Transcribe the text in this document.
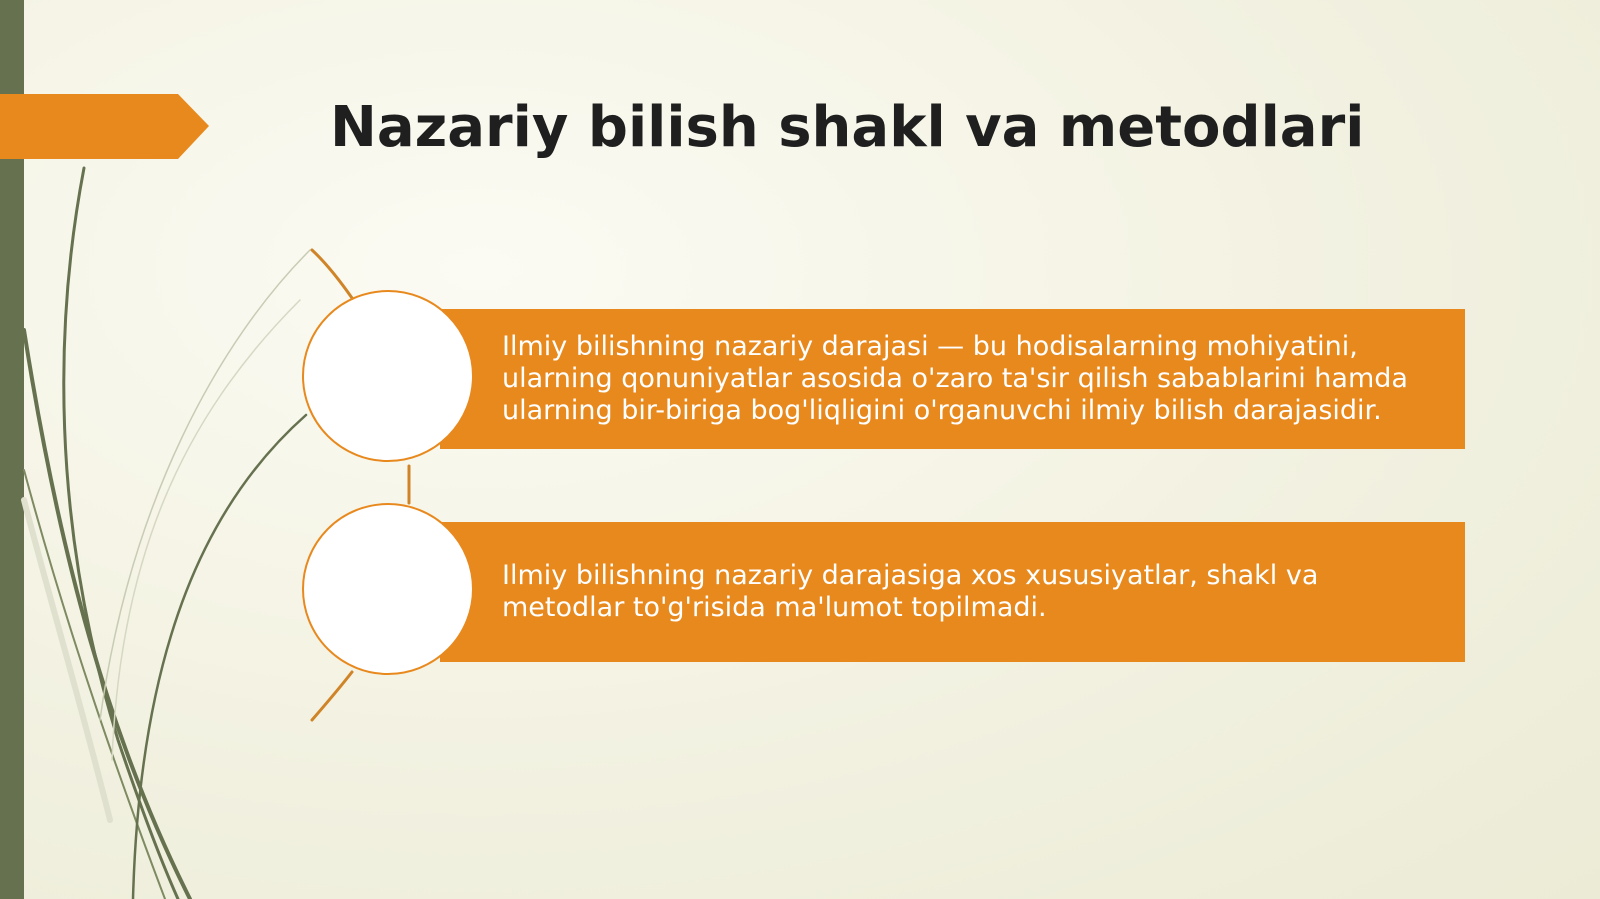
Nazariy bilish shakl va metodlari
Ilmiy bilishning nazariy darajasi — bu hodisalarning mohiyatini, ularning qonuniyatlar asosida o'zaro ta'sir qilish sabablarini hamda ularning bir-biriga bog'liqligini o'rganuvchi ilmiy bilish darajasidir.
Ilmiy bilishning nazariy darajasiga xos xususiyatlar, shakl va metodlar to'g'risida ma'lumot topilmadi.
